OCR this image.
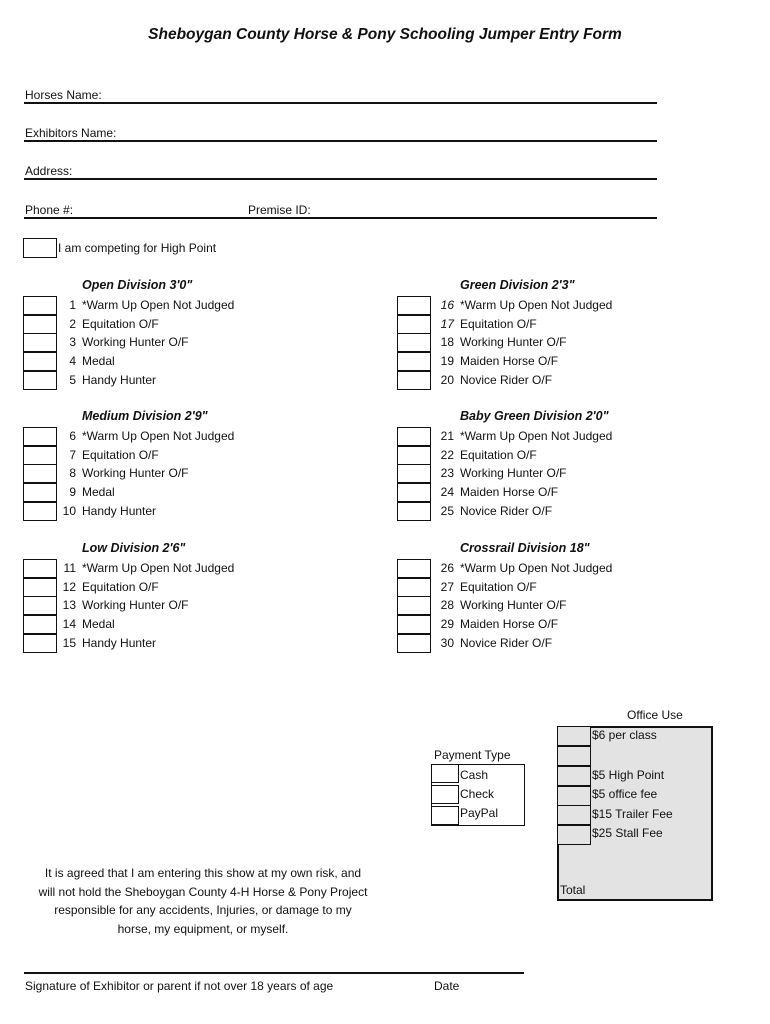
Sheboygan County Horse & Pony Schooling Jumper Entry Form
Horses Name:
Exhibitors Name:
Address:
Phone #:	Premise ID:
I am competing for High Point
Open Division 3'0"
1 *Warm Up Open Not Judged
2 Equitation O/F
3 Working Hunter O/F
4 Medal
5 Handy Hunter
Green Division 2'3"
16 *Warm Up Open Not Judged
17 Equitation O/F
18 Working Hunter O/F
19 Maiden Horse O/F
20 Novice Rider O/F
Medium Division 2'9"
6 *Warm Up Open Not Judged
7 Equitation O/F
8 Working Hunter O/F
9 Medal
10 Handy Hunter
Baby Green Division 2'0"
21 *Warm Up Open Not Judged
22 Equitation O/F
23 Working Hunter O/F
24 Maiden Horse O/F
25 Novice Rider O/F
Low Division 2'6"
11 *Warm Up Open Not Judged
12 Equitation O/F
13 Working Hunter O/F
14 Medal
15 Handy Hunter
Crossrail Division 18"
26 *Warm Up Open Not Judged
27 Equitation O/F
28 Working Hunter O/F
29 Maiden Horse O/F
30 Novice Rider O/F
Payment Type
Cash
Check
PayPal
Office Use
$6 per class
$5 High Point
$5 office fee
$15 Trailer Fee
$25 Stall Fee
Total
It is agreed that I am entering this show at my own risk, and
will not hold the Sheboygan County 4-H Horse & Pony Project
responsible for any accidents, Injuries, or damage to my
horse, my equipment, or myself.
Signature of Exhibitor or parent if not over 18 years of age	Date
